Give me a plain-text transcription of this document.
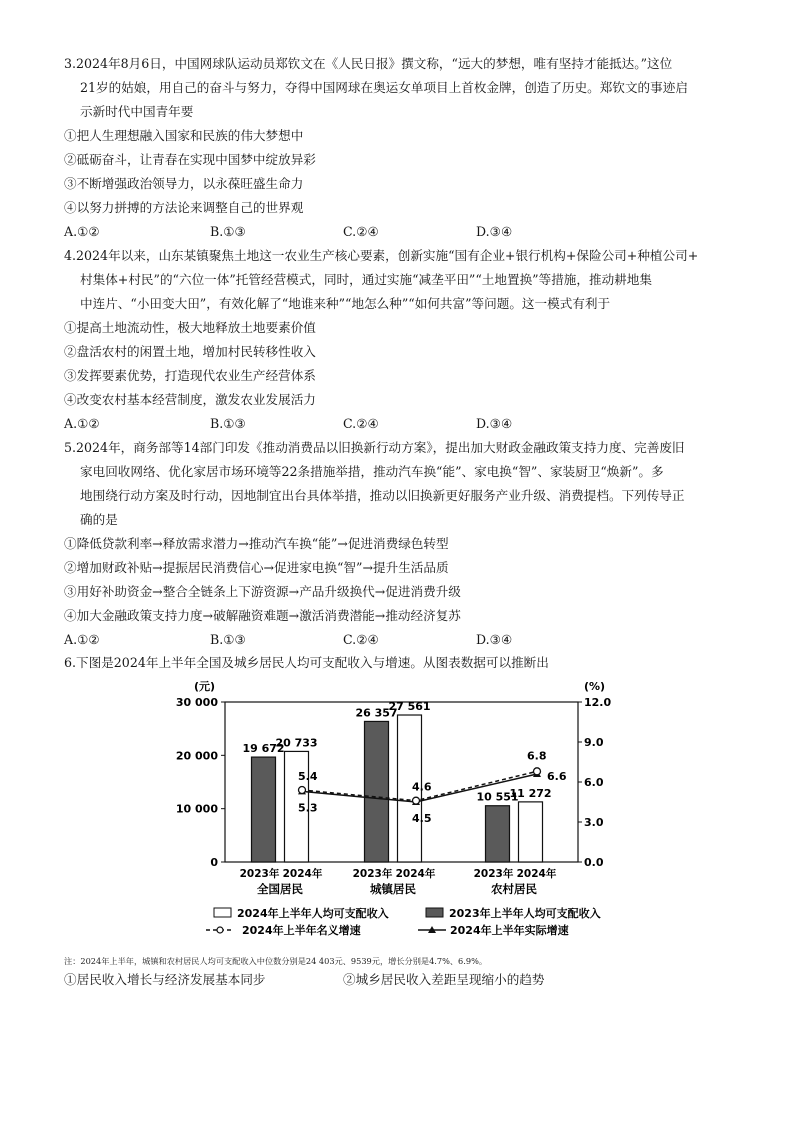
3.2024年8月6日，中国网球队运动员郑钦文在《人民日报》撰文称，“远大的梦想，唯有坚持才能抵达。”这位
21岁的姑娘，用自己的奋斗与努力，夺得中国网球在奥运女单项目上首枚金牌，创造了历史。郑钦文的事迹启
示新时代中国青年要
①把人生理想融入国家和民族的伟大梦想中
②砥砺奋斗，让青春在实现中国梦中绽放异彩
③不断增强政治领导力，以永葆旺盛生命力
④以努力拼搏的方法论来调整自己的世界观
A.①②	B.①③	C.②④	D.③④
4.2024年以来，山东某镇聚焦土地这一农业生产核心要素，创新实施“国有企业+银行机构+保险公司+种植公司+
村集体+村民”的“六位一体”托管经营模式，同时，通过实施“减垄平田”“土地置换”等措施，推动耕地集
中连片、“小田变大田”，有效化解了“地谁来种”“地怎么种”“如何共富”等问题。这一模式有利于
①提高土地流动性，极大地释放土地要素价值
②盘活农村的闲置土地，增加村民转移性收入
③发挥要素优势，打造现代农业生产经营体系
④改变农村基本经营制度，激发农业发展活力
A.①②	B.①③	C.②④	D.③④
5.2024年，商务部等14部门印发《推动消费品以旧换新行动方案》，提出加大财政金融政策支持力度、完善废旧
家电回收网络、优化家居市场环境等22条措施举措，推动汽车换“能”、家电换“智”、家装厨卫“焕新”。多
地围绕行动方案及时行动，因地制宜出台具体举措，推动以旧换新更好服务产业升级、消费提档。下列传导正
确的是
①降低贷款利率→释放需求潜力→推动汽车换“能”→促进消费绿色转型
②增加财政补贴→提振居民消费信心→促进家电换“智”→提升生活品质
③用好补助资金→整合全链条上下游资源→产品升级换代→促进消费升级
④加大金融政策支持力度→破解融资难题→激活消费潜能→推动经济复苏
A.①②	B.①③	C.②④	D.③④
6.下图是2024年上半年全国及城乡居民人均可支配收入与增速。从图表数据可以推断出
(元)	(%)
0
10 000
20 000
30 000
0.0
3.0
6.0
9.0
12.0
19 672
20 733
26 357
27 561
10 551
11 272
5.4
5.3
4.6
4.5
6.8
6.6
2023年 2024年
全国居民
2023年 2024年
城镇居民
2023年 2024年
农村居民
2024年上半年人均可支配收入	2023年上半年人均可支配收入
2024年上半年名义增速	2024年上半年实际增速
注：2024年上半年，城镇和农村居民人均可支配收入中位数分别是24 403元、9539元，增长分别是4.7%、6.9%。
①居民收入增长与经济发展基本同步	②城乡居民收入差距呈现缩小的趋势
